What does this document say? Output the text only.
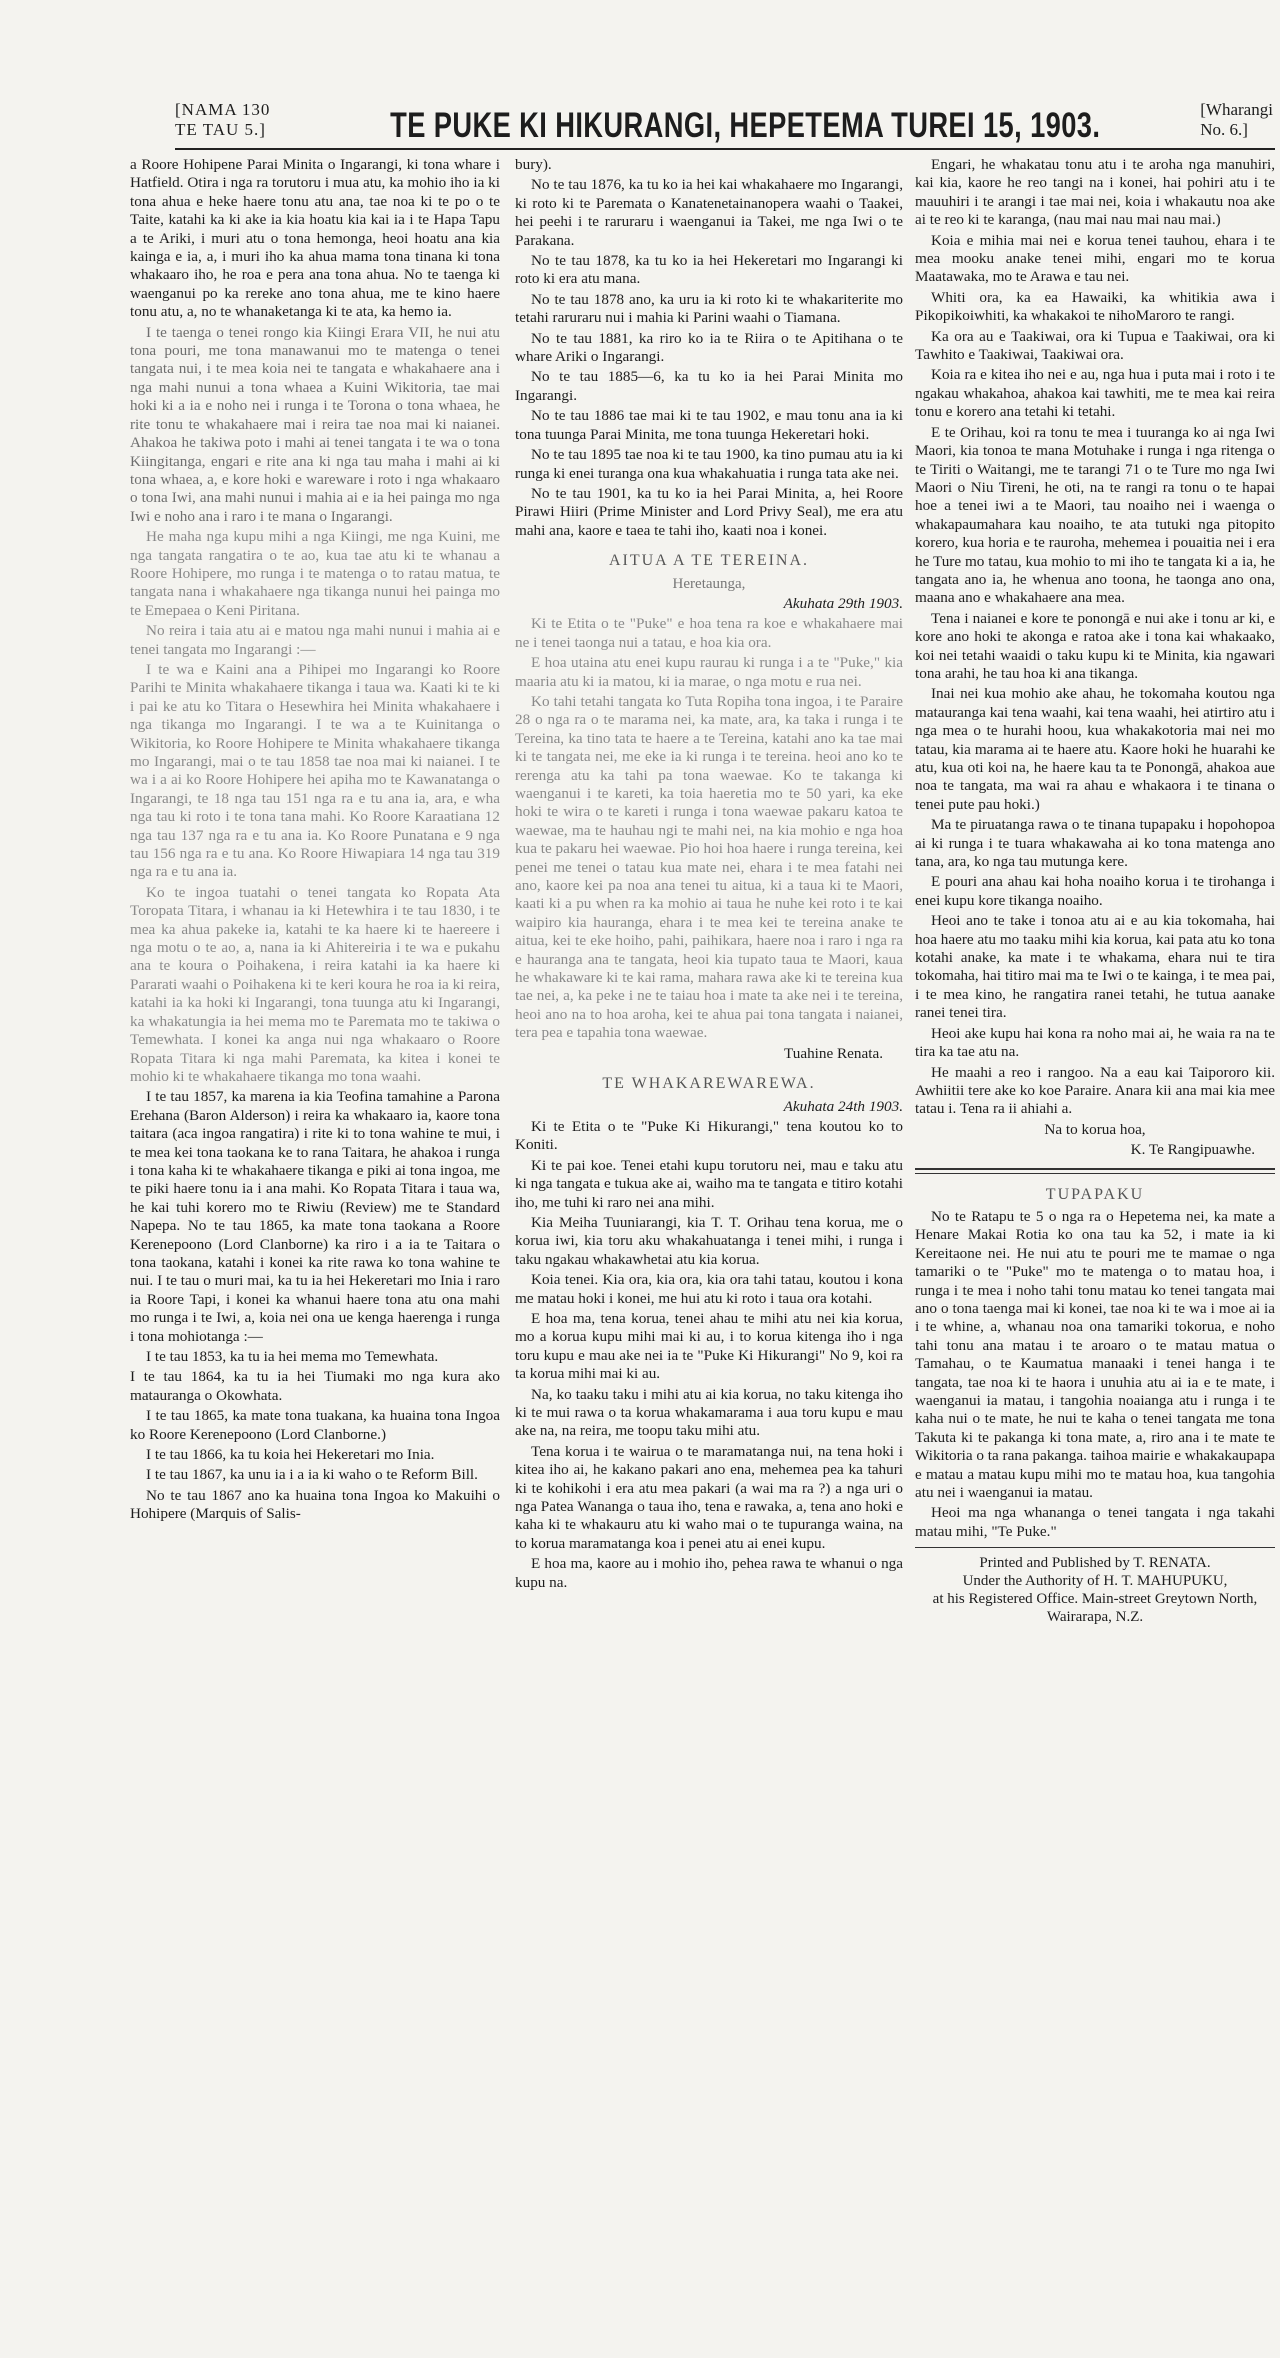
[NAMA 130 TE TAU 5.]	TE PUKE KI HIKURANGI, HEPETEMA TUREI 15, 1903.	[Wharangi No. 6.]

a Roore Hohipene Parai Minita o Ingarangi, ki tona whare i Hatfield. Otira i nga ra torutoru i mua atu, ka mohio iho ia ki tona ahua e heke haere tonu atu ana, tae noa ki te po o te Taite, katahi ka ki ake ia kia hoatu kia kai ia i te Hapa Tapu a te Ariki, i muri atu o tona hemonga, heoi hoatu ana kia kainga e ia, a, i muri iho ka ahua mama tona tinana ki tona whakaaro iho, he roa e pera ana tona ahua. No te taenga ki waenganui po ka rereke ano tona ahua, me te kino haere tonu atu, a, no te whanaketanga ki te ata, ka hemo ia.

I te taenga o tenei rongo kia Kiingi Erara VII, he nui atu tona pouri, me tona manawanui mo te matenga o tenei tangata nui, i te mea koia nei te tangata e whakahaere ana i nga mahi nunui a tona whaea a Kuini Wikitoria, tae mai hoki ki a ia e noho nei i runga i te Torona o tona whaea, he rite tonu te whakahaere mai i reira tae noa mai ki naianei. Ahakoa he takiwa poto i mahi ai tenei tangata i te wa o tona Kiingitanga, engari e rite ana ki nga tau maha i mahi ai ki tona whaea, a, e kore hoki e wareware i roto i nga whakaaro o tona Iwi, ana mahi nunui i mahia ai e ia hei painga mo nga Iwi e noho ana i raro i te mana o Ingarangi.

He maha nga kupu mihi a nga Kiingi, me nga Kuini, me nga tangata rangatira o te ao, kua tae atu ki te whanau a Roore Hohipere, mo runga i te matenga o to ratau matua, te tangata nana i whakahaere nga tikanga nunui hei painga mo te Emepaea o Keni Piritana.

No reira i taia atu ai e matou nga mahi nunui i mahia ai e tenei tangata mo Ingarangi :—

I te wa e Kaini ana a Pihipei mo Ingarangi ko Roore Parihi te Minita whakahaere tikanga i taua wa. Kaati ki te ki i pai ke atu ko Titara o Hesewhira hei Minita whakahaere i nga tikanga mo Ingarangi. I te wa a te Kuinitanga o Wikitoria, ko Roore Hohipere te Minita whakahaere tikanga mo Ingarangi, mai o te tau 1858 tae noa mai ki naianei. I te wa i a ai ko Roore Hohipere hei apiha mo te Kawanatanga o Ingarangi, te 18 nga tau 151 nga ra e tu ana ia, ara, e wha nga tau ki roto i te tona tana mahi. Ko Roore Karaatiana 12 nga tau 137 nga ra e tu ana ia. Ko Roore Punatana e 9 nga tau 156 nga ra e tu ana. Ko Roore Hiwapiara 14 nga tau 319 nga ra e tu ana ia.

Ko te ingoa tuatahi o tenei tangata ko Ropata Ata Toropata Titara, i whanau ia ki Hetewhira i te tau 1830, i te mea ka ahua pakeke ia, katahi te ka haere ki te haereere i nga motu o te ao, a, nana ia ki Ahitereiria i te wa e pukahu ana te koura o Poihakena, i reira katahi ia ka haere ki Pararati waahi o Poihakena ki te keri koura he roa ia ki reira, katahi ia ka hoki ki Ingarangi, tona tuunga atu ki Ingarangi, ka whakatungia ia hei mema mo te Paremata mo te takiwa o Temewhata. I konei ka anga nui nga whakaaro o Roore Ropata Titara ki nga mahi Paremata, ka kitea i konei te mohio ki te whakahaere tikanga mo tona waahi.

I te tau 1857, ka marena ia kia Teofina tamahine a Parona Erehana (Baron Alderson) i reira ka whakaaro ia, kaore tona taitara (aca ingoa rangatira) i rite ki to tona wahine te mui, i te mea kei tona taokana ke to rana Taitara, he ahakoa i runga i tona kaha ki te whakahaere tikanga e piki ai tona ingoa, me te piki haere tonu ia i ana mahi. Ko Ropata Titara i taua wa, he kai tuhi korero mo te Riwiu (Review) me te Standard Napepa. No te tau 1865, ka mate tona taokana a Roore Kerenepoono (Lord Clanborne) ka riro i a ia te Taitara o tona taokana, katahi i konei ka rite rawa ko tona wahine te nui. I te tau o muri mai, ka tu ia hei Hekeretari mo Inia i raro ia Roore Tapi, i konei ka whanui haere tona atu ona mahi mo runga i te Iwi, a, koia nei ona ue kenga haerenga i runga i tona mohiotanga :—

I te tau 1853, ka tu ia hei mema mo Temewhata.

I te tau 1864, ka tu ia hei Tiumaki mo nga kura ako matauranga o Okowhata.

I te tau 1865, ka mate tona tuakana, ka huaina tona Ingoa ko Roore Kerenepoono (Lord Clanborne.)

I te tau 1866, ka tu koia hei Hekeretari mo Inia.

I te tau 1867, ka unu ia i a ia ki waho o te Reform Bill.

No te tau 1867 ano ka huaina tona Ingoa ko Makuihi o Hohipere (Marquis of Salis-

bury).

No te tau 1876, ka tu ko ia hei kai whakahaere mo Ingarangi, ki roto ki te Paremata o Kanatenetainanopera waahi o Taakei, hei peehi i te raruraru i waenganui ia Takei, me nga Iwi o te Parakana.

No te tau 1878, ka tu ko ia hei Hekeretari mo Ingarangi ki roto ki era atu mana.

No te tau 1878 ano, ka uru ia ki roto ki te whakariterite mo tetahi raruraru nui i mahia ki Parini waahi o Tiamana.

No te tau 1881, ka riro ko ia te Riira o te Apitihana o te whare Ariki o Ingarangi.

No te tau 1885—6, ka tu ko ia hei Parai Minita mo Ingarangi.

No te tau 1886 tae mai ki te tau 1902, e mau tonu ana ia ki tona tuunga Parai Minita, me tona tuunga Hekeretari hoki.

No te tau 1895 tae noa ki te tau 1900, ka tino pumau atu ia ki runga ki enei turanga ona kua whakahuatia i runga tata ake nei.

No te tau 1901, ka tu ko ia hei Parai Minita, a, hei Roore Pirawi Hiiri (Prime Minister and Lord Privy Seal), me era atu mahi ana, kaore e taea te tahi iho, kaati noa i konei.

AITUA A TE TEREINA.
Heretaunga,
Akuhata 29th 1903.

Ki te Etita o te "Puke" e hoa tena ra koe e whakahaere mai ne i tenei taonga nui a tatau, e hoa kia ora.

E hoa utaina atu enei kupu raurau ki runga i a te "Puke," kia maaria atu ki ia matou, ki ia marae, o nga motu e rua nei.

Ko tahi tetahi tangata ko Tuta Ropiha tona ingoa, i te Paraire 28 o nga ra o te marama nei, ka mate, ara, ka taka i runga i te Tereina, ka tino tata te haere a te Tereina, katahi ano ka tae mai ki te tangata nei, me eke ia ki runga i te tereina. heoi ano ko te rerenga atu ka tahi pa tona waewae. Ko te takanga ki waenganui i te kareti, ka toia haeretia mo te 50 yari, ka eke hoki te wira o te kareti i runga i tona waewae pakaru katoa te waewae, ma te hauhau ngi te mahi nei, na kia mohio e nga hoa kua te pakaru hei waewae. Pio hoi hoa haere i runga tereina, kei penei me tenei o tatau kua mate nei, ehara i te mea fatahi nei ano, kaore kei pa noa ana tenei tu aitua, ki a taua ki te Maori, kaati ki a pu when ra ka mohio ai taua he nuhe kei roto i te kai waipiro kia hauranga, ehara i te mea kei te tereina anake te aitua, kei te eke hoiho, pahi, paihikara, haere noa i raro i nga ra e hauranga ana te tangata, heoi kia tupato taua te Maori, kaua he whakaware ki te kai rama, mahara rawa ake ki te tereina kua tae nei, a, ka peke i ne te taiau hoa i mate ta ake nei i te tereina, heoi ano na to hoa aroha, kei te ahua pai tona tangata i naianei, tera pea e tapahia tona waewae.

Tuahine Renata.
TE WHAKAREWAREWA.
Akuhata 24th 1903.

Ki te Etita o te "Puke Ki Hikurangi," tena koutou ko to Koniti.

Ki te pai koe. Tenei etahi kupu torutoru nei, mau e taku atu ki nga tangata e tukua ake ai, waiho ma te tangata e titiro kotahi iho, me tuhi ki raro nei ana mihi.

Kia Meiha Tuuniarangi, kia T. T. Orihau tena korua, me o korua iwi, kia toru aku whakahuatanga i tenei mihi, i runga i taku ngakau whakawhetai atu kia korua.

Koia tenei. Kia ora, kia ora, kia ora tahi tatau, koutou i kona me matau hoki i konei, me hui atu ki roto i taua ora kotahi.

E hoa ma, tena korua, tenei ahau te mihi atu nei kia korua, mo a korua kupu mihi mai ki au, i to korua kitenga iho i nga toru kupu e mau ake nei ia te "Puke Ki Hikurangi" No 9, koi ra ta korua mihi mai ki au.

Na, ko taaku taku i mihi atu ai kia korua, no taku kitenga iho ki te mui rawa o ta korua whakamarama i aua toru kupu e mau ake na, na reira, me toopu taku mihi atu.

Tena korua i te wairua o te maramatanga nui, na tena hoki i kitea iho ai, he kakano pakari ano ena, mehemea pea ka tahuri ki te kohikohi i era atu mea pakari (a wai ma ra ?) a nga uri o nga Patea Wananga o taua iho, tena e rawaka, a, tena ano hoki e kaha ki te whakauru atu ki waho mai o te tupuranga waina, na to korua maramatanga koa i penei atu ai enei kupu.

E hoa ma, kaore au i mohio iho, pehea rawa te whanui o nga kupu na.

Engari, he whakatau tonu atu i te aroha nga manuhiri, kai kia, kaore he reo tangi na i konei, hai pohiri atu i te mauuhiri i te arangi i tae mai nei, koia i whakautu noa ake ai te reo ki te karanga, (nau mai nau mai nau mai.)

Koia e mihia mai nei e korua tenei tauhou, ehara i te mea mooku anake tenei mihi, engari mo te korua Maatawaka, mo te Arawa e tau nei.

Whiti ora, ka ea Hawaiki, ka whitikia awa i Pikopikoiwhiti, ka whakakoi te nihoMaroro te rangi.

Ka ora au e Taakiwai, ora ki Tupua e Taakiwai, ora ki Tawhito e Taakiwai, Taakiwai ora.

Koia ra e kitea iho nei e au, nga hua i puta mai i roto i te ngakau whakahoa, ahakoa kai tawhiti, me te mea kai reira tonu e korero ana tetahi ki tetahi.

E te Orihau, koi ra tonu te mea i tuuranga ko ai nga Iwi Maori, kia tonoa te mana Motuhake i runga i nga ritenga o te Tiriti o Waitangi, me te tarangi 71 o te Ture mo nga Iwi Maori o Niu Tireni, he oti, na te rangi ra tonu o te hapai hoe a tenei iwi a te Maori, tau noaiho nei i waenga o whakapaumahara kau noaiho, te ata tutuki nga pitopito korero, kua horia e te rauroha, mehemea i pouaitia nei i era he Ture mo tatau, kua mohio to mi iho te tangata ki a ia, he tangata ano ia, he whenua ano toona, he taonga ano ona, maana ano e whakahaere ana mea.

Tena i naianei e kore te ponongā e nui ake i tonu ar ki, e kore ano hoki te akonga e ratoa ake i tona kai whakaako, koi nei tetahi waaidi o taku kupu ki te Minita, kia ngawari tona arahi, he tau hoa ki ana tikanga.

Inai nei kua mohio ake ahau, he tokomaha koutou nga matauranga kai tena waahi, kai tena waahi, hei atirtiro atu i nga mea o te hurahi hoou, kua whakakotoria mai nei mo tatau, kia marama ai te haere atu. Kaore hoki he huarahi ke atu, kua oti koi na, he haere kau ta te Ponongā, ahakoa aue noa te tangata, ma wai ra ahau e whakaora i te tinana o tenei pute pau hoki.)

Ma te piruatanga rawa o te tinana tupapaku i hopohopoa ai ki runga i te tuara whakawaha ai ko tona matenga ano tana, ara, ko nga tau mutunga kere.

E pouri ana ahau kai hoha noaiho korua i te tirohanga i enei kupu kore tikanga noaiho.

Heoi ano te take i tonoa atu ai e au kia tokomaha, hai hoa haere atu mo taaku mihi kia korua, kai pata atu ko tona kotahi anake, ka mate i te whakama, ehara nui te tira tokomaha, hai titiro mai ma te Iwi o te kainga, i te mea pai, i te mea kino, he rangatira ranei tetahi, he tutua aanake ranei tenei tira.

Heoi ake kupu hai kona ra noho mai ai, he waia ra na te tira ka tae atu na.

He maahi a reo i rangoo. Na a eau kai Taipororo kii. Awhiitii tere ake ko koe Paraire. Anara kii ana mai kia mee tatau i. Tena ra ii ahiahi a.

Na to korua hoa,
K. Te Rangipuawhe.
TUPAPAKU

No te Ratapu te 5 o nga ra o Hepetema nei, ka mate a Henare Makai Rotia ko ona tau ka 52, i mate ia ki Kereitaone nei. He nui atu te pouri me te mamae o nga tamariki o te "Puke" mo te matenga o to matau hoa, i runga i te mea i noho tahi tonu matau ko tenei tangata mai ano o tona taenga mai ki konei, tae noa ki te wa i moe ai ia i te whine, a, whanau noa ona tamariki tokorua, e noho tahi tonu ana matau i te aroaro o te matau matua o Tamahau, o te Kaumatua manaaki i tenei hanga i te tangata, tae noa ki te haora i unuhia atu ai ia e te mate, i waenganui ia matau, i tangohia noaianga atu i runga i te kaha nui o te mate, he nui te kaha o tenei tangata me tona Takuta ki te pakanga ki tona mate, a, riro ana i te mate te Wikitoria o ta rana pakanga. taihoa mairie e whakakaupapa e matau a matau kupu mihi mo te matau hoa, kua tangohia atu nei i waenganui ia matau.

Heoi ma nga whananga o tenei tangata i nga takahi matau mihi, "Te Puke."

Printed and Published by T. RENATA.
Under the Authority of H. T. MAHUPUKU,
at his Registered Office. Main-street Greytown North, Wairarapa, N.Z.
